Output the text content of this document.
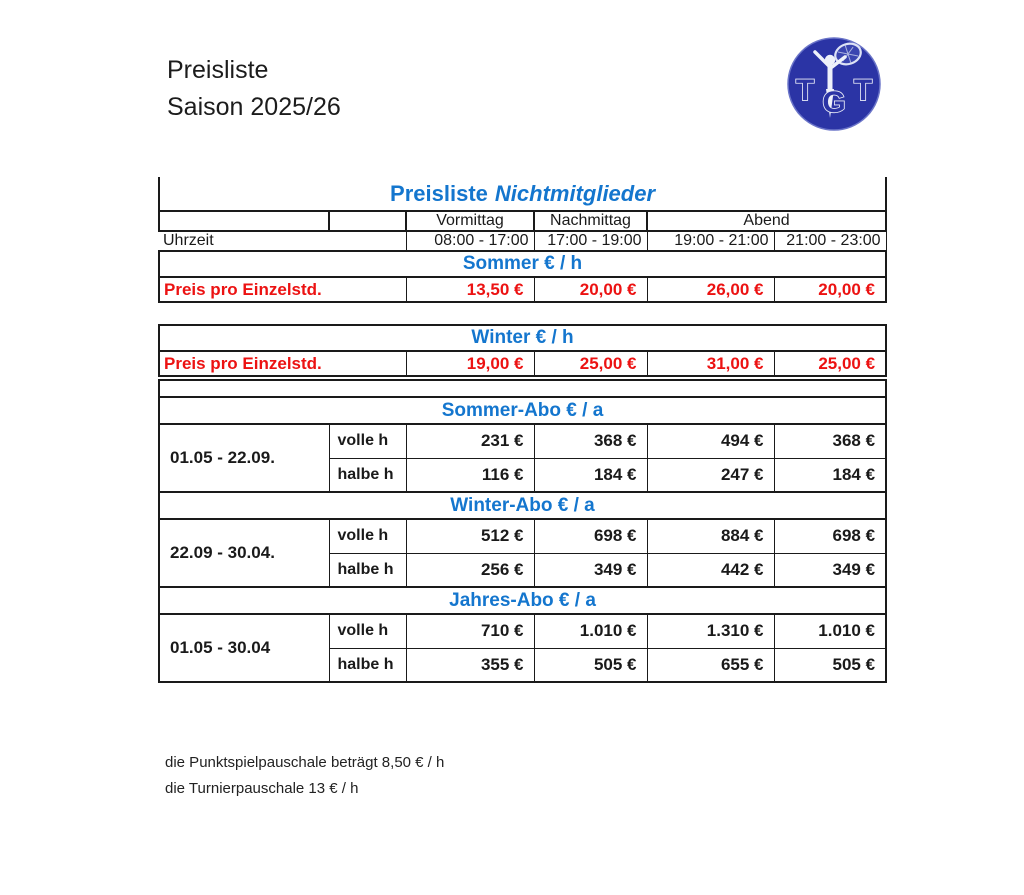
Preisliste
Saison 2025/26	T G T
Preisliste Nichtmitglieder					
		Vormittag	Nachmittag	Abend	
Uhrzeit		08:00 - 17:00	17:00 - 19:00	19:00 - 21:00	21:00 - 23:00
Sommer € / h
Preis pro Einzelstd.	13,50 €	20,00 €	26,00 €	20,00 €
Winter € / h
Preis pro Einzelstd.	19,00 €	25,00 €	31,00 €	25,00 €

Sommer-Abo € / a					
01.05 - 22.09.	volle h	231 €	368 €	494 €	368 €
	halbe h	116 €	184 €	247 €	184 €
Winter-Abo € / a					
22.09 - 30.04.	volle h	512 €	698 €	884 €	698 €
	halbe h	256 €	349 €	442 €	349 €
Jahres-Abo € / a					
01.05 - 30.04	volle h	710 €	1.010 €	1.310 €	1.010 €
	halbe h	355 €	505 €	655 €	505 €
die Punktspielpauschale beträgt 8,50 € / h
die Turnierpauschale 13 € / h
